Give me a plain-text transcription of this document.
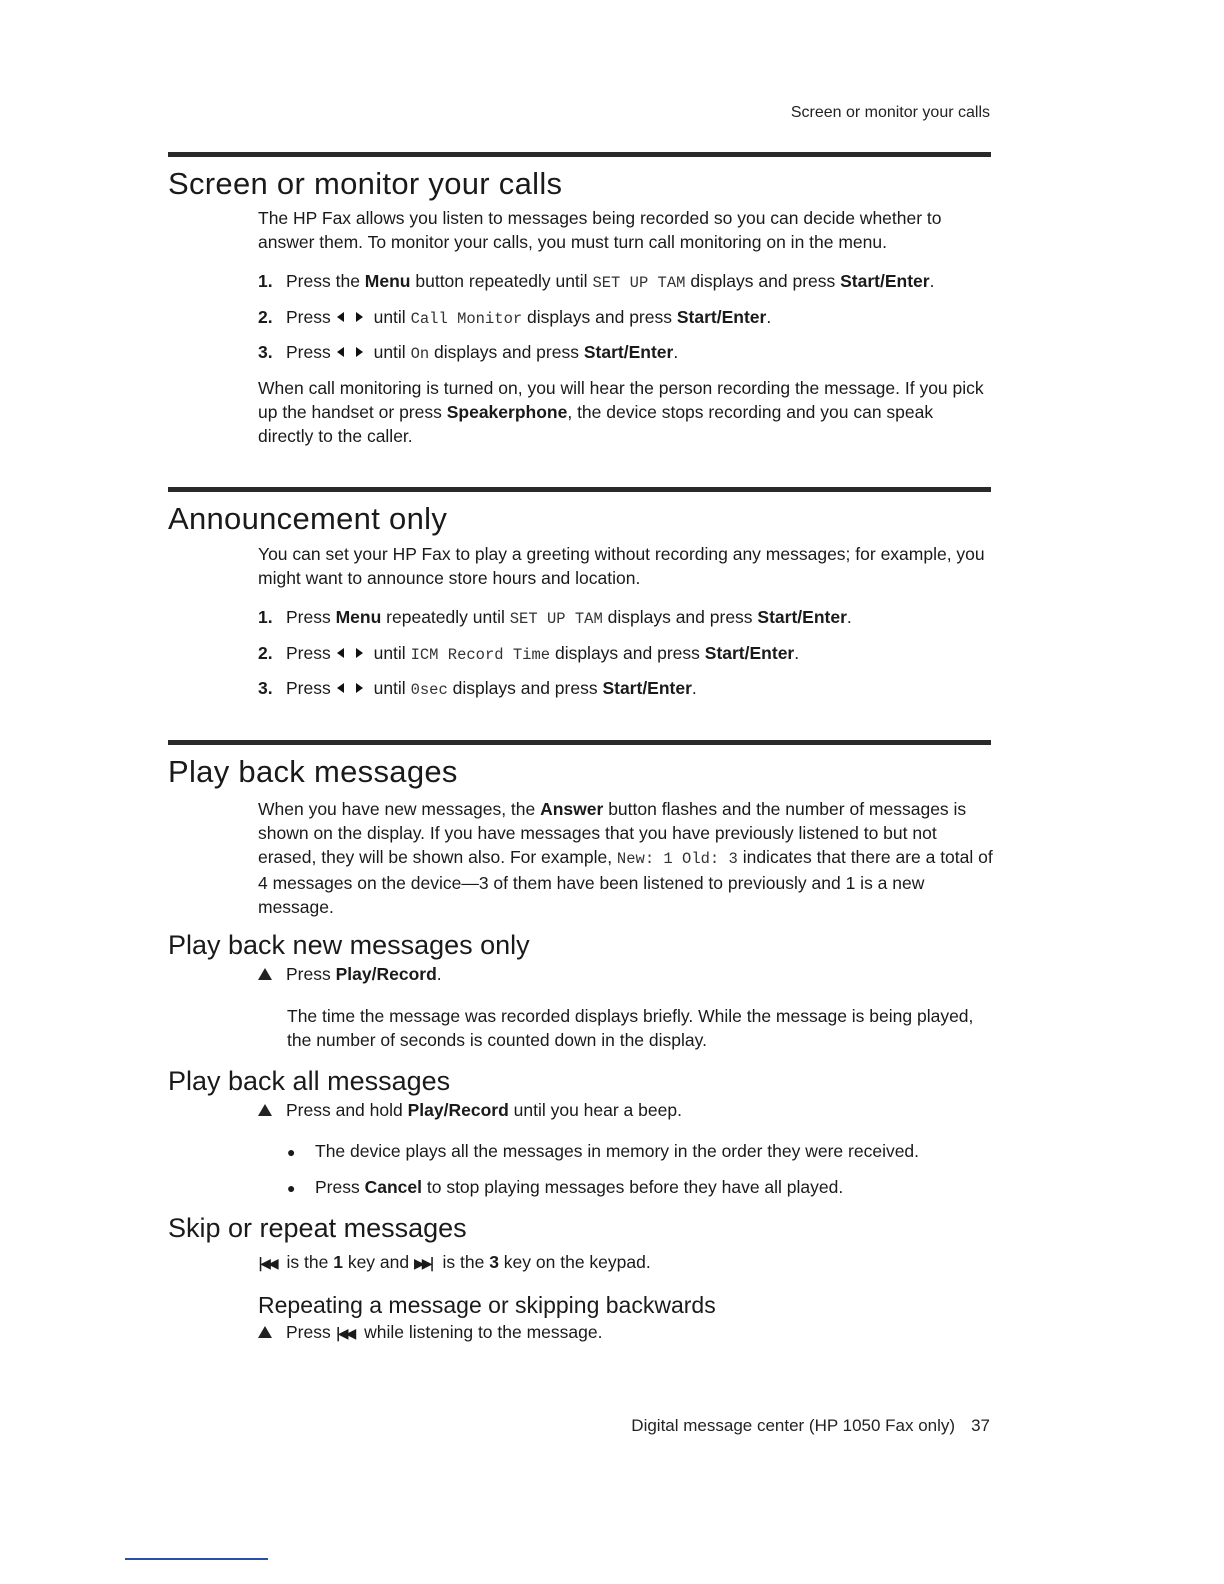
Screen or monitor your calls
Screen or monitor your calls

The HP Fax allows you listen to messages being recorded so you can decide whether to answer them. To monitor your calls, you must turn call monitoring on in the menu.

1. Press the Menu button repeatedly until SET UP TAM displays and press Start/Enter.
2. Press until Call Monitor displays and press Start/Enter.
3. Press until On displays and press Start/Enter.

When call monitoring is turned on, you will hear the person recording the message. If you pick up the handset or press Speakerphone, the device stops recording and you can speak directly to the caller.

Announcement only

You can set your HP Fax to play a greeting without recording any messages; for example, you might want to announce store hours and location.

1. Press Menu repeatedly until SET UP TAM displays and press Start/Enter.
2. Press until ICM Record Time displays and press Start/Enter.
3. Press until 0sec displays and press Start/Enter.
Play back messages

When you have new messages, the Answer button flashes and the number of messages is shown on the display. If you have messages that you have previously listened to but not erased, they will be shown also. For example, New: 1 Old: 3 indicates that there are a total of 4 messages on the device—3 of them have been listened to previously and 1 is a new message.

Play back new messages only
Press Play/Record.

The time the message was recorded displays briefly. While the message is being played, the number of seconds is counted down in the display.

Play back all messages
Press and hold Play/Record until you hear a beep.
● The device plays all the messages in memory in the order they were received.
● Press Cancel to stop playing messages before they have all played.
Skip or repeat messages
|◀◀ is the 1 key and ▶▶| is the 3 key on the keypad.
Repeating a message or skipping backwards
Press |◀◀ while listening to the message.
Digital message center (HP 1050 Fax only) 37
